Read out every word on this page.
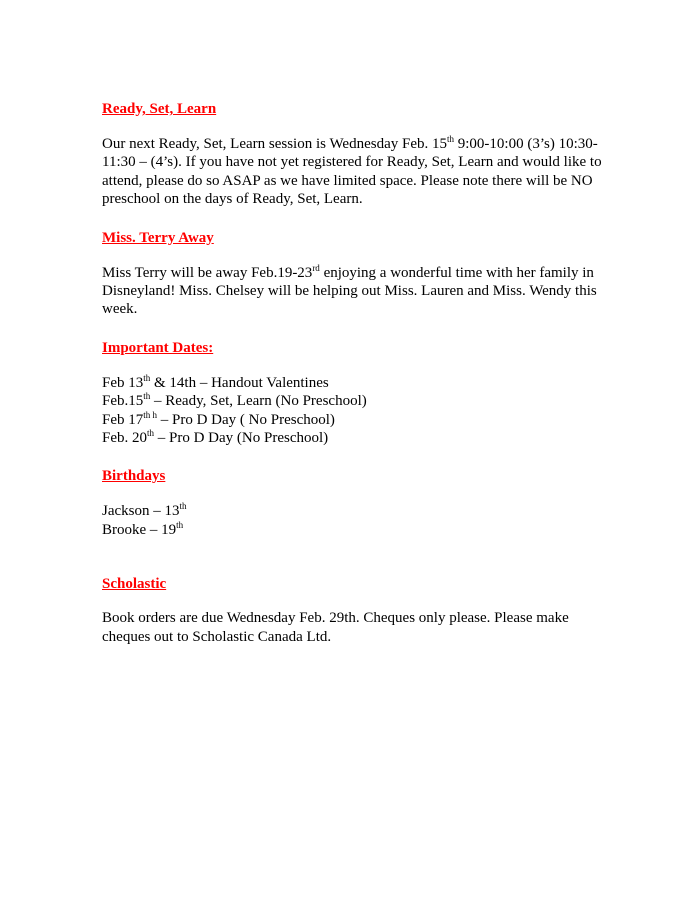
Ready, Set, Learn

Our next Ready, Set, Learn session is Wednesday Feb. 15th 9:00-10:00 (3’s) 10:30-11:30 – (4’s). If you have not yet registered for Ready, Set, Learn and would like to attend, please do so ASAP as we have limited space. Please note there will be NO preschool on the days of Ready, Set, Learn.

Miss. Terry Away

Miss Terry will be away Feb.19-23rd enjoying a wonderful time with her family in Disneyland! Miss. Chelsey will be helping out Miss. Lauren and Miss. Wendy this week.

Important Dates:

Feb 13th & 14th – Handout Valentines
Feb.15th – Ready, Set, Learn (No Preschool)
Feb $17^{th h}$ – Pro D Day ( No Preschool)
Feb. 20th – Pro D Day (No Preschool)

Birthdays

Jackson – 13th
Brooke – 19th

Scholastic

Book orders are due Wednesday Feb. 29th. Cheques only please. Please make cheques out to Scholastic Canada Ltd.
